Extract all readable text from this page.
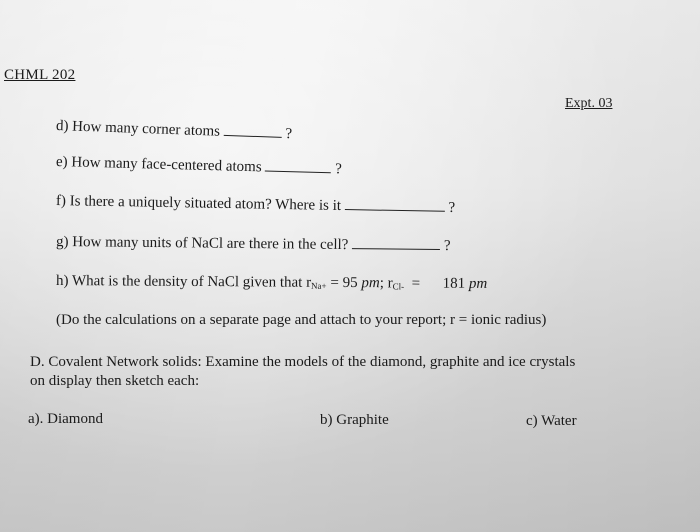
CHML 202
Expt. 03
d) How many corner atoms	?
e) How many face-centered atoms	?
f) Is there a uniquely situated atom? Where is it	?
g) How many units of NaCl are there in the cell?	?
h) What is the density of NaCl given that $r_{Na+} = 95$ pm; $r_{Cl-}$  =      181 pm
(Do the calculations on a separate page and attach to your report; r = ionic radius)
D. Covalent Network solids: Examine the models of the diamond, graphite and ice crystals
on display then sketch each:
a). Diamond	b) Graphite	c) Water
